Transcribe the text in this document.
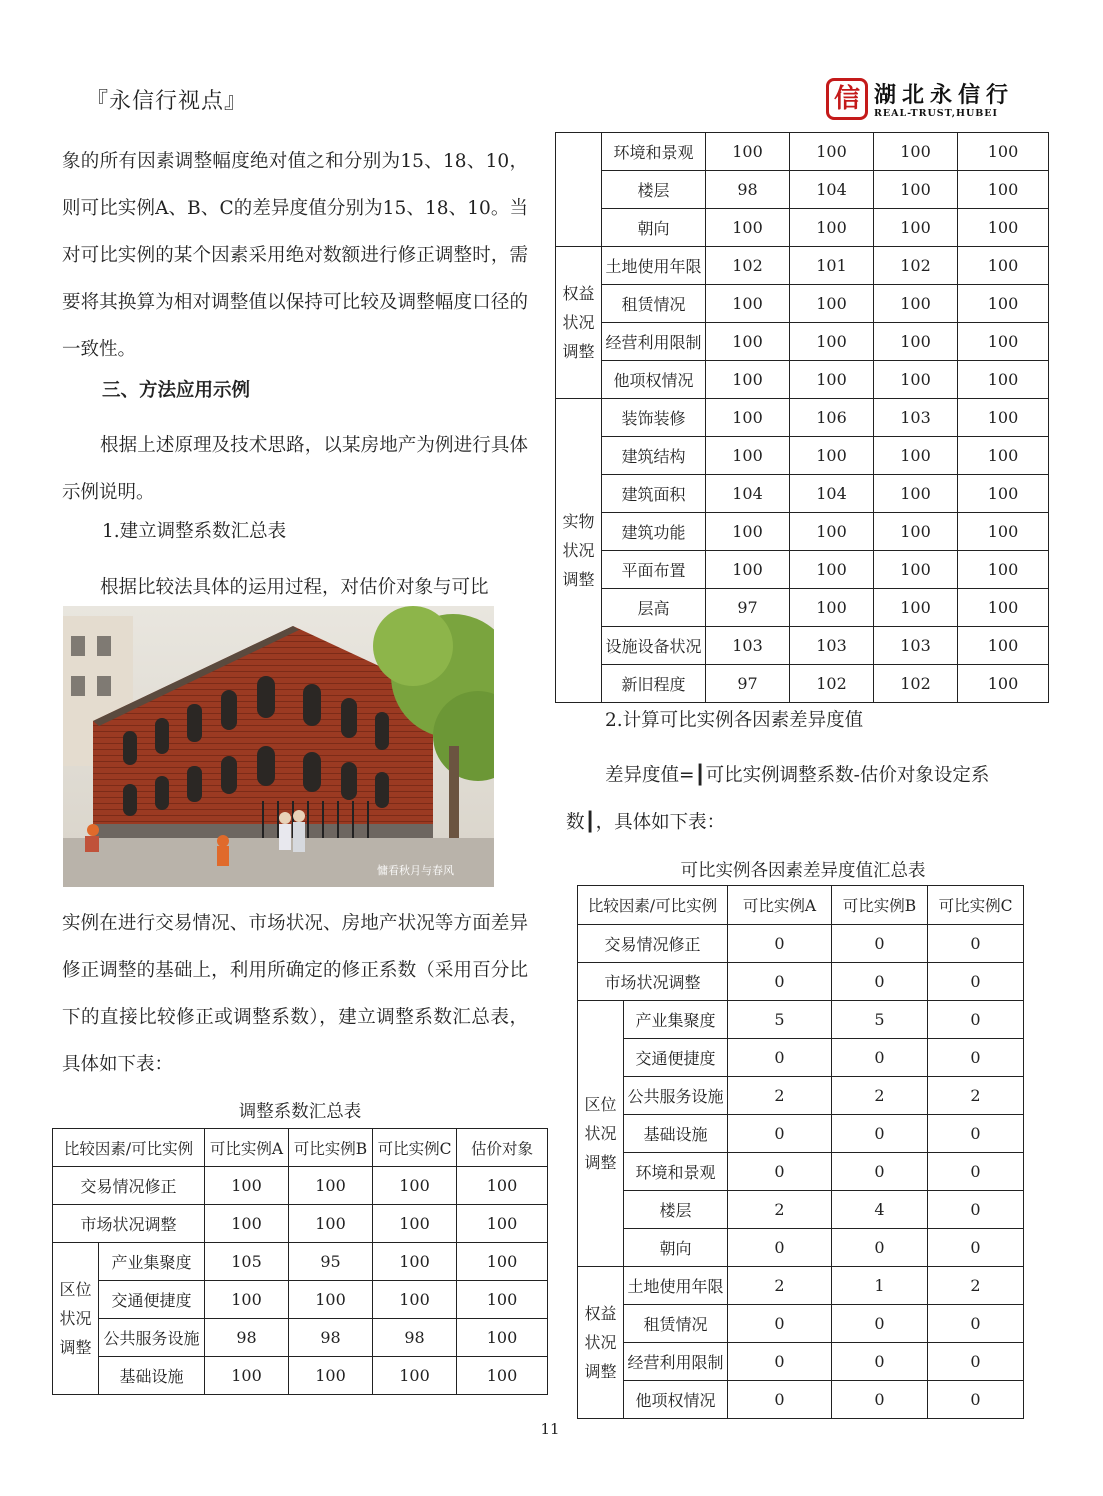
『永信行视点』	信 湖北永信行
REAL-TRUST,HUBEI
象的所有因素调整幅度绝对值之和分别为15、18、10，则可比实例A、B、C的差异度值分别为15、18、10。当对可比实例的某个因素采用绝对数额进行修正调整时，需要将其换算为相对调整值以保持可比较及调整幅度口径的一致性。
三、方法应用示例
根据上述原理及技术思路，以某房地产为例进行具体示例说明。
1.建立调整系数汇总表
根据比较法具体的运用过程，对估价对象与可比
慵看秋月与春风
实例在进行交易情况、市场状况、房地产状况等方面差异修正调整的基础上，利用所确定的修正系数（采用百分比下的直接比较修正或调整系数），建立调整系数汇总表，具体如下表：
调整系数汇总表
比较因素/可比实例		可比实例A	可比实例B	可比实例C	估价对象
交易情况修正		100	100	100	100
市场状况调整		100	100	100	100
区位状况调整	产业集聚度	105	95	100	100
	交通便捷度	100	100	100	100
	公共服务设施	98	98	98	100
	基础设施	100	100	100	100
	环境和景观	100	100	100	100
	楼层	98	104	100	100
	朝向	100	100	100	100
权益状况调整	土地使用年限	102	101	102	100
	租赁情况	100	100	100	100
	经营利用限制	100	100	100	100
	他项权情况	100	100	100	100
实物状况调整	装饰装修	100	106	103	100
	建筑结构	100	100	100	100
	建筑面积	104	104	100	100
	建筑功能	100	100	100	100
	平面布置	100	100	100	100
	层高	97	100	100	100
	设施设备状况	103	103	103	100
	新旧程度	97	102	102	100
2.计算可比实例各因素差异度值
差异度值=┃可比实例调整系数-估价对象设定系
数┃，具体如下表：
可比实例各因素差异度值汇总表
比较因素/可比实例		可比实例A	可比实例B	可比实例C
交易情况修正		0	0	0
市场状况调整		0	0	0
区位状况调整	产业集聚度	5	5	0
	交通便捷度	0	0	0
	公共服务设施	2	2	2
	基础设施	0	0	0
	环境和景观	0	0	0
	楼层	2	4	0
	朝向	0	0	0
权益状况调整	土地使用年限	2	1	2
	租赁情况	0	0	0
	经营利用限制	0	0	0
	他项权情况	0	0	0
11
